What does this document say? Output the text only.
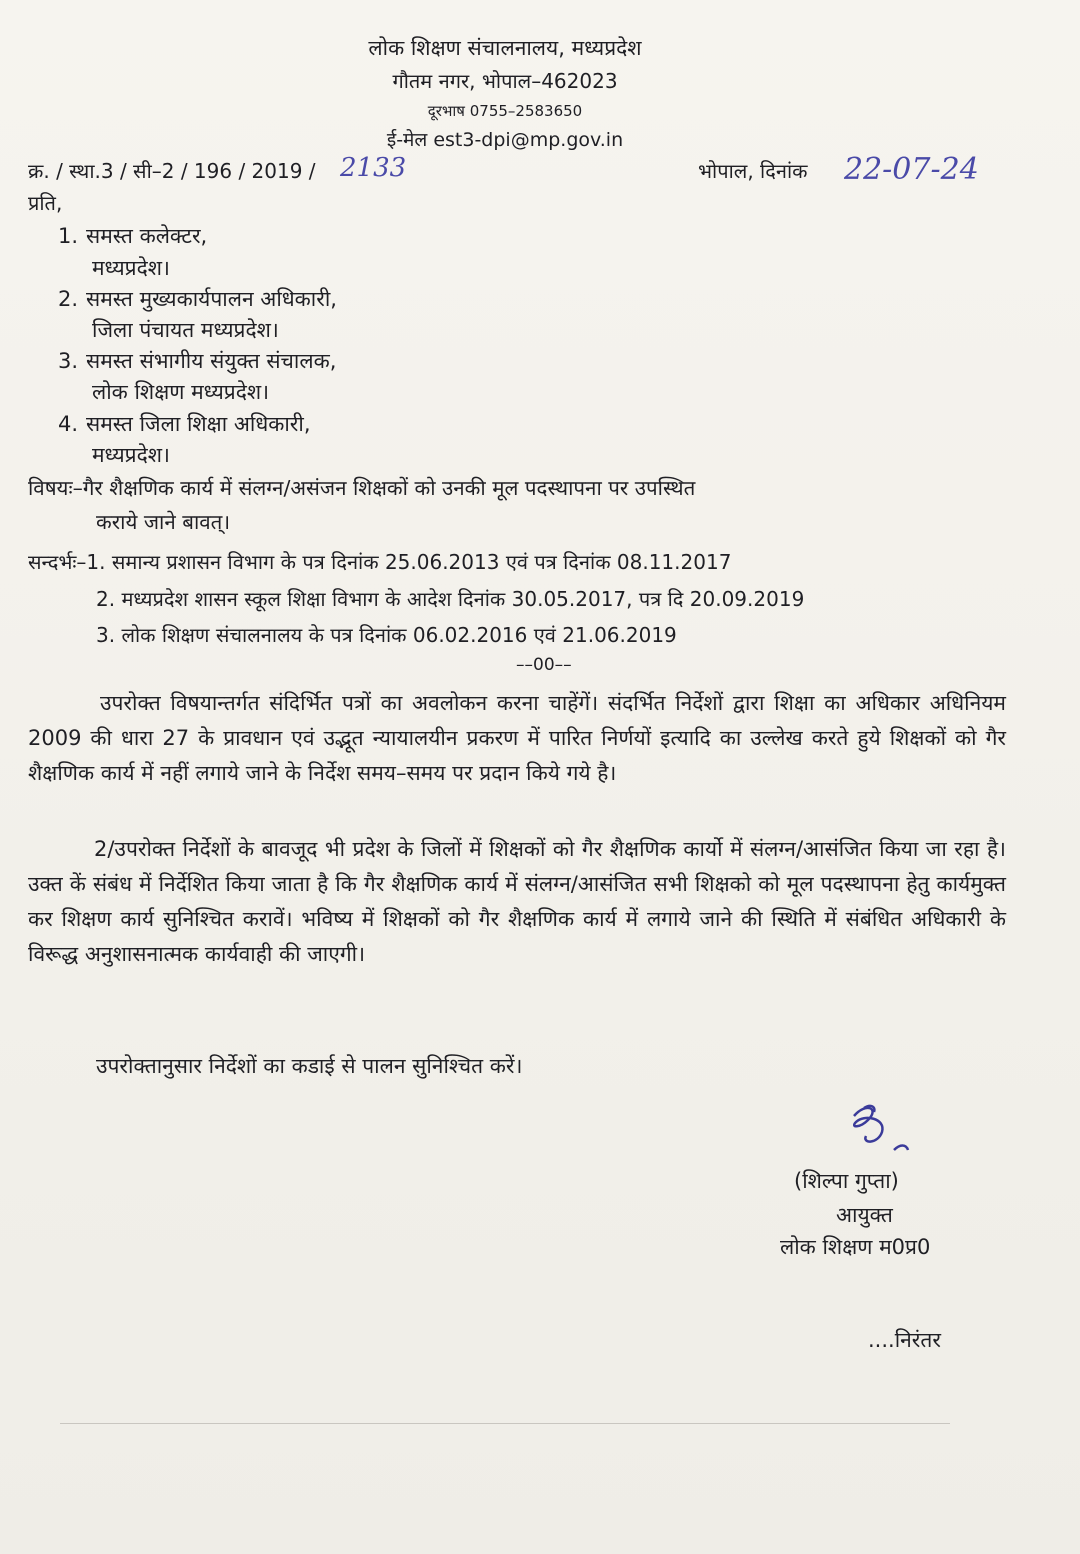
लोक शिक्षण संचालनालय, मध्यप्रदेश
गौतम नगर, भोपाल–462023
दूरभाष 0755–2583650
ई-मेल est3-dpi@mp.gov.in
क्र. / स्था.3 / सी–2 / 196 / 2019 / 2133	भोपाल, दिनांक 22-07-24
प्रति,
1. समस्त कलेक्टर,
मध्यप्रदेश।
2. समस्त मुख्यकार्यपालन अधिकारी,
जिला पंचायत मध्यप्रदेश।
3. समस्त संभागीय संयुक्त संचालक,
लोक शिक्षण मध्यप्रदेश।
4. समस्त जिला शिक्षा अधिकारी,
मध्यप्रदेश।
विषयः–गैर शैक्षणिक कार्य में संलग्न/असंजन शिक्षकों को उनकी मूल पदस्थापना पर उपस्थित
कराये जाने बावत्।
सन्दर्भः–1. समान्य प्रशासन विभाग के पत्र दिनांक 25.06.2013 एवं पत्र दिनांक 08.11.2017
2. मध्यप्रदेश शासन स्कूल शिक्षा विभाग के आदेश दिनांक 30.05.2017, पत्र दि 20.09.2019
3. लोक शिक्षण संचालनालय के पत्र दिनांक 06.02.2016 एवं 21.06.2019
––00––
उपरोक्त विषयान्तर्गत संदिर्भित पत्रों का अवलोकन करना चाहेंगें। संदर्भित निर्देशों द्वारा शिक्षा का अधिकार अधिनियम 2009 की धारा 27 के प्रावधान एवं उद्भूत न्यायालयीन प्रकरण में पारित निर्णयों इत्यादि का उल्लेख करते हुये शिक्षकों को गैर शैक्षणिक कार्य में नहीं लगाये जाने के निर्देश समय–समय पर प्रदान किये गये है।
2/उपरोक्त निर्देशों के बावजूद भी प्रदेश के जिलों में शिक्षकों को गैर शैक्षणिक कार्यो में संलग्न/आसंजित किया जा रहा है। उक्त कें संबंध में निर्देशित किया जाता है कि गैर शैक्षणिक कार्य में संलग्न/आसंजित सभी शिक्षको को मूल पदस्थापना हेतु कार्यमुक्त कर शिक्षण कार्य सुनिश्चित करावें। भविष्य में शिक्षकों को गैर शैक्षणिक कार्य में लगाये जाने की स्थिति में संबंधित अधिकारी के विरूद्ध अनुशासनात्मक कार्यवाही की जाएगी।
उपरोक्तानुसार निर्देशों का कडाई से पालन सुनिश्चित करें।
(शिल्पा गुप्ता)
आयुक्त
लोक शिक्षण म0प्र0
....निरंतर
